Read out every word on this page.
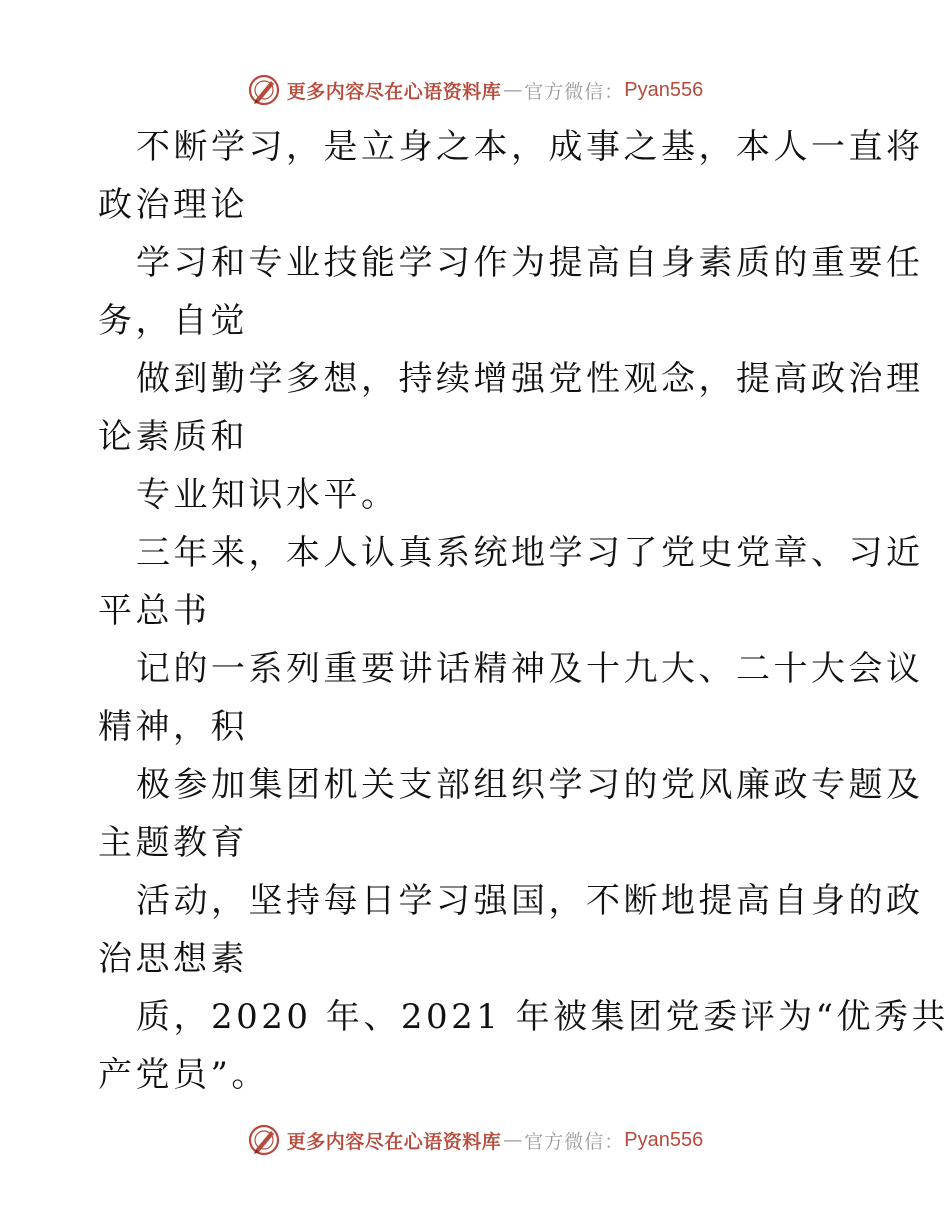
更多内容尽在心语资料库 — 官方微信： Pyan556

不断学习，是立身之本，成事之基，本人一直将

政治理论

学习和专业技能学习作为提高自身素质的重要任

务，自觉

做到勤学多想，持续增强党性观念，提高政治理

论素质和

专业知识水平。

三年来，本人认真系统地学习了党史党章、习近

平总书

记的一系列重要讲话精神及十九大、二十大会议

精神，积

极参加集团机关支部组织学习的党风廉政专题及

主题教育

活动，坚持每日学习强国，不断地提高自身的政

治思想素

质，2020 年、2021 年被集团党委评为“优秀共

产党员”。

更多内容尽在心语资料库 — 官方微信： Pyan556
